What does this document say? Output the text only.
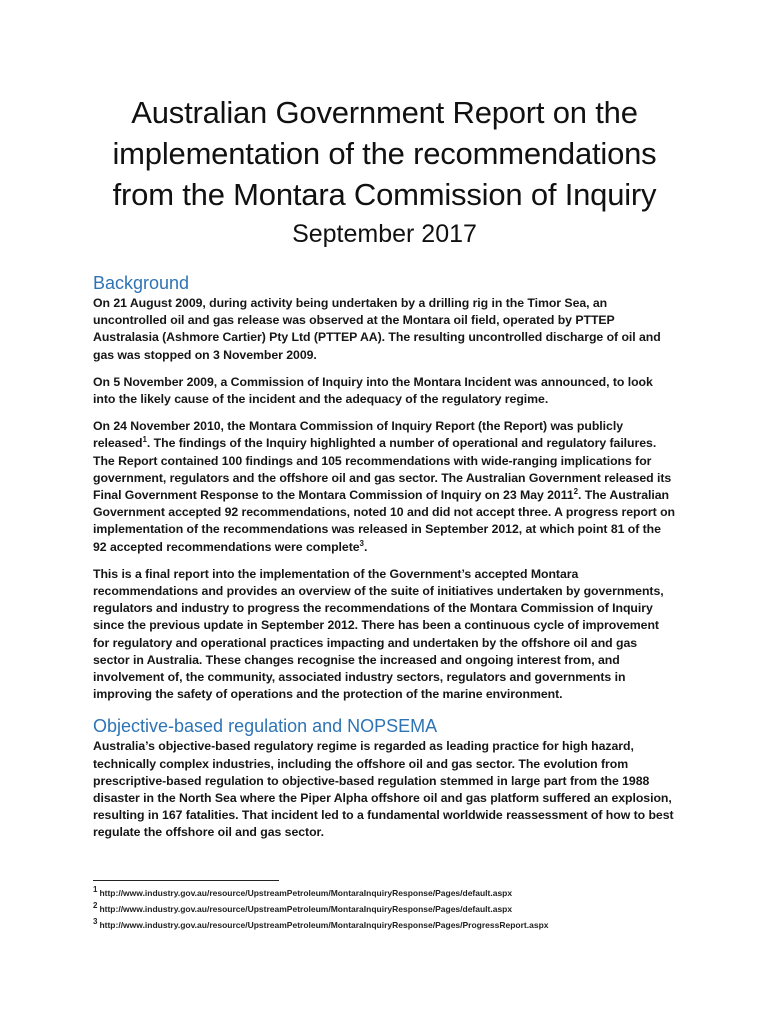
Australian Government Report on the
implementation of the recommendations
from the Montara Commission of Inquiry
September 2017
Background

On 21 August 2009, during activity being undertaken by a drilling rig in the Timor Sea, an uncontrolled oil and gas release was observed at the Montara oil field, operated by PTTEP Australasia (Ashmore Cartier) Pty Ltd (PTTEP AA). The resulting uncontrolled discharge of oil and gas was stopped on 3 November 2009.

On 5 November 2009, a Commission of Inquiry into the Montara Incident was announced, to look into the likely cause of the incident and the adequacy of the regulatory regime.

On 24 November 2010, the Montara Commission of Inquiry Report (the Report) was publicly released$^1$. The findings of the Inquiry highlighted a number of operational and regulatory failures. The Report contained 100 findings and 105 recommendations with wide-ranging implications for government, regulators and the offshore oil and gas sector. The Australian Government released its Final Government Response to the Montara Commission of Inquiry on 23 May 2011$^2$. The Australian Government accepted 92 recommendations, noted 10 and did not accept three. A progress report on implementation of the recommendations was released in September 2012, at which point 81 of the 92 accepted recommendations were complete$^3$.

This is a final report into the implementation of the Government’s accepted Montara recommendations and provides an overview of the suite of initiatives undertaken by governments, regulators and industry to progress the recommendations of the Montara Commission of Inquiry since the previous update in September 2012. There has been a continuous cycle of improvement for regulatory and operational practices impacting and undertaken by the offshore oil and gas sector in Australia. These changes recognise the increased and ongoing interest from, and involvement of, the community, associated industry sectors, regulators and governments in improving the safety of operations and the protection of the marine environment.

Objective-based regulation and NOPSEMA

Australia’s objective-based regulatory regime is regarded as leading practice for high hazard, technically complex industries, including the offshore oil and gas sector. The evolution from prescriptive-based regulation to objective-based regulation stemmed in large part from the 1988 disaster in the North Sea where the Piper Alpha offshore oil and gas platform suffered an explosion, resulting in 167 fatalities. That incident led to a fundamental worldwide reassessment of how to best regulate the offshore oil and gas sector.

1 http://www.industry.gov.au/resource/UpstreamPetroleum/MontaraInquiryResponse/Pages/default.aspx
2 http://www.industry.gov.au/resource/UpstreamPetroleum/MontaraInquiryResponse/Pages/default.aspx
3 http://www.industry.gov.au/resource/UpstreamPetroleum/MontaraInquiryResponse/Pages/ProgressReport.aspx
